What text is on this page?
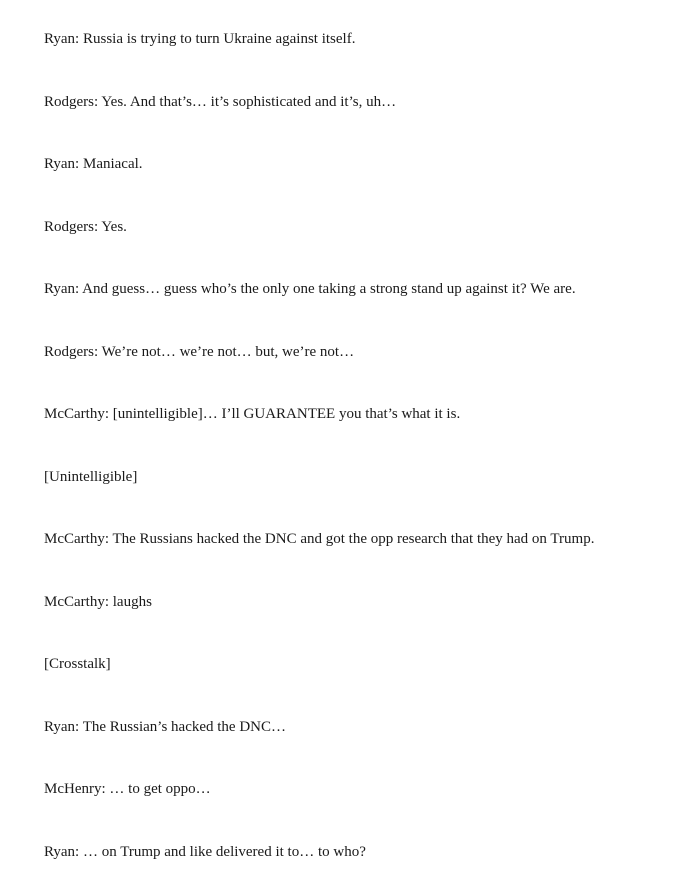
Ryan: Russia is trying to turn Ukraine against itself.

Rodgers: Yes. And that’s… it’s sophisticated and it’s, uh…

Ryan: Maniacal.

Rodgers: Yes.

Ryan: And guess… guess who’s the only one taking a strong stand up against it? We are.

Rodgers: We’re not… we’re not… but, we’re not…

McCarthy: [unintelligible]… I’ll GUARANTEE you that’s what it is.

[Unintelligible]

McCarthy: The Russians hacked the DNC and got the opp research that they had on Trump.

McCarthy: laughs

[Crosstalk]

Ryan: The Russian’s hacked the DNC…

McHenry: … to get oppo…

Ryan: … on Trump and like delivered it to… to who?
